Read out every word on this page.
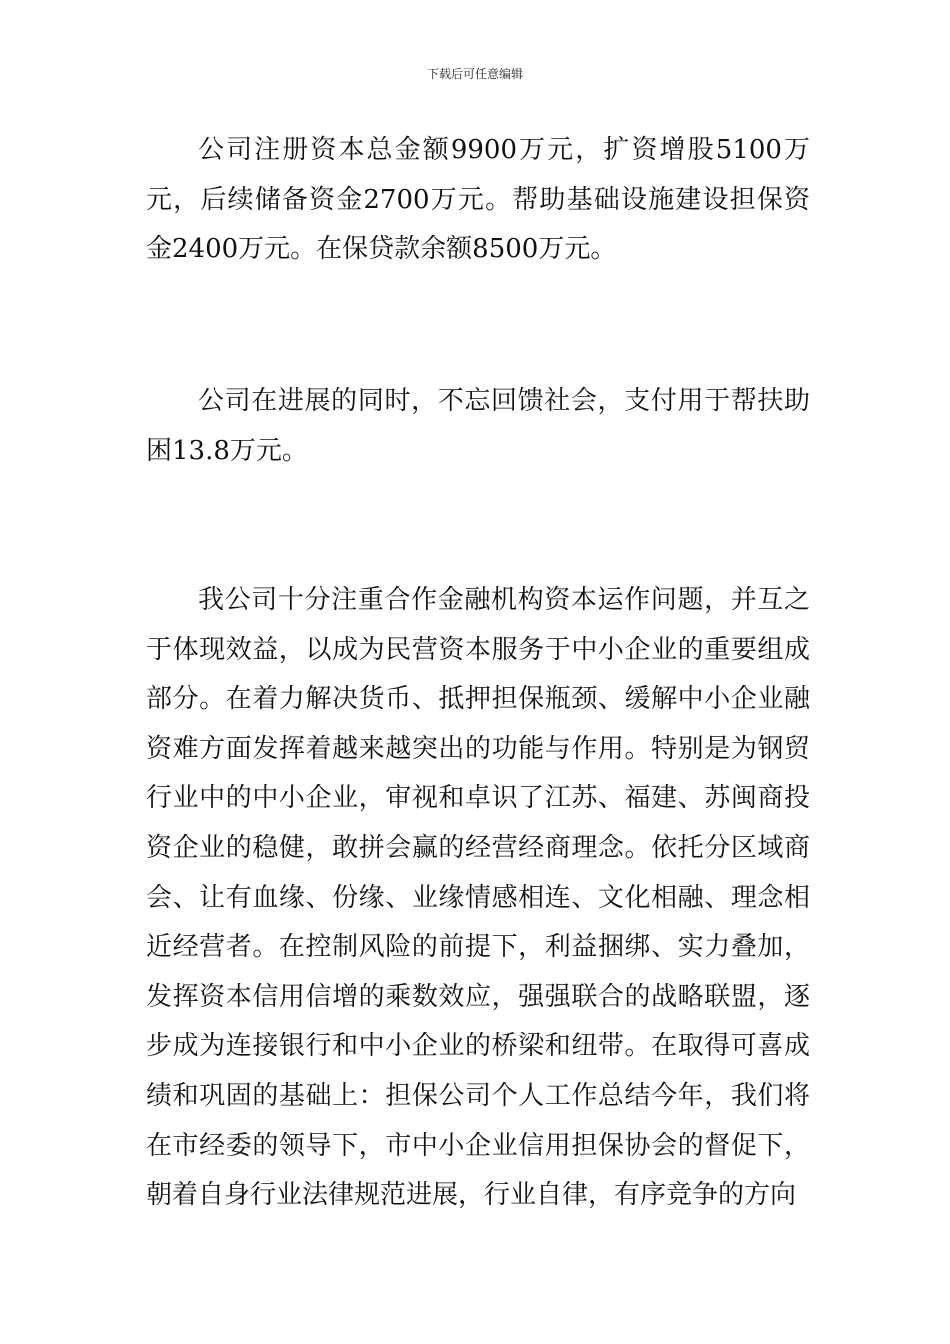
下载后可任意编辑

公司注册资本总金额9900万元，扩资增股5100万元，后续储备资金2700万元。帮助基础设施建设担保资金2400万元。在保贷款余额8500万元。

公司在进展的同时，不忘回馈社会，支付用于帮扶助困13.8万元。

我公司十分注重合作金融机构资本运作问题，并互之于体现效益，以成为民营资本服务于中小企业的重要组成部分。在着力解决货币、抵押担保瓶颈、缓解中小企业融资难方面发挥着越来越突出的功能与作用。特别是为钢贸行业中的中小企业，审视和卓识了江苏、福建、苏闽商投资企业的稳健，敢拼会赢的经营经商理念。依托分区域商会、让有血缘、份缘、业缘情感相连、文化相融、理念相近经营者。在控制风险的前提下，利益捆绑、实力叠加，发挥资本信用信增的乘数效应，强强联合的战略联盟，逐步成为连接银行和中小企业的桥梁和纽带。在取得可喜成绩和巩固的基础上：担保公司个人工作总结今年，我们将在市经委的领导下，市中小企业信用担保协会的督促下，朝着自身行业法律规范进展，行业自律，有序竞争的方向
